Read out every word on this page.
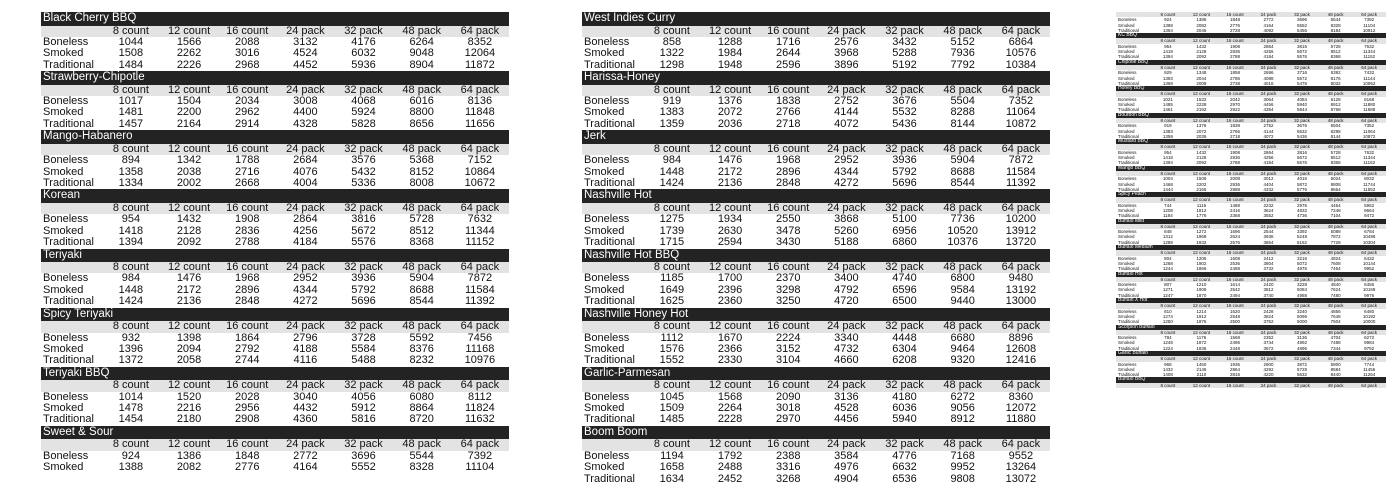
Black Cherry BBQ
	8 count	12 count	16 count	24 pack	32 pack	48 pack	64 pack
Boneless	1044	1566	2088	3132	4176	6264	8352
Smoked	1508	2262	3016	4524	6032	9048	12064
Traditional	1484	2226	2968	4452	5936	8904	11872
Strawberry-Chipotle
	8 count	12 count	16 count	24 pack	32 pack	48 pack	64 pack
Boneless	1017	1504	2034	3008	4068	6016	8136
Smoked	1481	2200	2962	4400	5924	8800	11848
Traditional	1457	2164	2914	4328	5828	8656	11656
Mango-Habanero
	8 count	12 count	16 count	24 pack	32 pack	48 pack	64 pack
Boneless	894	1342	1788	2684	3576	5368	7152
Smoked	1358	2038	2716	4076	5432	8152	10864
Traditional	1334	2002	2668	4004	5336	8008	10672
Korean
	8 count	12 count	16 count	24 pack	32 pack	48 pack	64 pack
Boneless	954	1432	1908	2864	3816	5728	7632
Smoked	1418	2128	2836	4256	5672	8512	11344
Traditional	1394	2092	2788	4184	5576	8368	11152
Teriyaki
	8 count	12 count	16 count	24 pack	32 pack	48 pack	64 pack
Boneless	984	1476	1968	2952	3936	5904	7872
Smoked	1448	2172	2896	4344	5792	8688	11584
Traditional	1424	2136	2848	4272	5696	8544	11392
Spicy Teriyaki
	8 count	12 count	16 count	24 pack	32 pack	48 pack	64 pack
Boneless	932	1398	1864	2796	3728	5592	7456
Smoked	1396	2094	2792	4188	5584	8376	11168
Traditional	1372	2058	2744	4116	5488	8232	10976
Teriyaki BBQ
	8 count	12 count	16 count	24 pack	32 pack	48 pack	64 pack
Boneless	1014	1520	2028	3040	4056	6080	8112
Smoked	1478	2216	2956	4432	5912	8864	11824
Traditional	1454	2180	2908	4360	5816	8720	11632
Sweet & Sour
	8 count	12 count	16 count	24 pack	32 pack	48 pack	64 pack
Boneless	924	1386	1848	2772	3696	5544	7392
Smoked	1388	2082	2776	4164	5552	8328	11104
West Indies Curry
	8 count	12 count	16 count	24 pack	32 pack	48 pack	64 pack
Boneless	858	1288	1716	2576	3432	5152	6864
Smoked	1322	1984	2644	3968	5288	7936	10576
Traditional	1298	1948	2596	3896	5192	7792	10384
Harissa-Honey
	8 count	12 count	16 count	24 pack	32 pack	48 pack	64 pack
Boneless	919	1376	1838	2752	3676	5504	7352
Smoked	1383	2072	2766	4144	5532	8288	11064
Traditional	1359	2036	2718	4072	5436	8144	10872
Jerk
	8 count	12 count	16 count	24 pack	32 pack	48 pack	64 pack
Boneless	984	1476	1968	2952	3936	5904	7872
Smoked	1448	2172	2896	4344	5792	8688	11584
Traditional	1424	2136	2848	4272	5696	8544	11392
Nashville Hot
	8 count	12 count	16 count	24 pack	32 pack	48 pack	64 pack
Boneless	1275	1934	2550	3868	5100	7736	10200
Smoked	1739	2630	3478	5260	6956	10520	13912
Traditional	1715	2594	3430	5188	6860	10376	13720
Nashville Hot BBQ
	8 count	12 count	16 count	24 pack	32 pack	48 pack	64 pack
Boneless	1185	1700	2370	3400	4740	6800	9480
Smoked	1649	2396	3298	4792	6596	9584	13192
Traditional	1625	2360	3250	4720	6500	9440	13000
Nashville Honey Hot
	8 count	12 count	16 count	24 pack	32 pack	48 pack	64 pack
Boneless	1112	1670	2224	3340	4448	6680	8896
Smoked	1576	2366	3152	4732	6304	9464	12608
Traditional	1552	2330	3104	4660	6208	9320	12416
Garlic-Parmesan
	8 count	12 count	16 count	24 pack	32 pack	48 pack	64 pack
Boneless	1045	1568	2090	3136	4180	6272	8360
Smoked	1509	2264	3018	4528	6036	9056	12072
Traditional	1485	2228	2970	4456	5940	8912	11880
Boom Boom
	8 count	12 count	16 count	24 pack	32 pack	48 pack	64 pack
Boneless	1194	1792	2388	3584	4776	7168	9552
Smoked	1658	2488	3316	4976	6632	9952	13264
Traditional	1634	2452	3268	4904	6536	9808	13072
	8 count	12 count	16 count	24 pack	32 pack	48 pack	64 pack
Boneless	924	1386	1848	2772	3696	5544	7392
Smoked	1388	2082	2776	4164	5552	8328	11104
Traditional	1364	2046	2728	4092	5456	8184	10912
KC BBQ
	8 count	12 count	16 count	24 pack	32 pack	48 pack	64 pack
Boneless	954	1432	1908	2864	3816	5728	7632
Smoked	1418	2128	2836	4256	5672	8512	11344
Traditional	1394	2092	2788	4184	5576	8368	11152
Chipotle BBQ
	8 count	12 count	16 count	24 pack	32 pack	48 pack	64 pack
Boneless	929	1348	1858	2696	3716	5392	7432
Smoked	1393	2044	2786	4088	5572	8176	11144
Traditional	1369	2008	2738	4016	5476	8032	10952
Honey BBQ
	8 count	12 count	16 count	24 pack	32 pack	48 pack	64 pack
Boneless	1021	1532	2042	3064	4084	6128	8168
Smoked	1485	2228	2970	4456	5940	8912	11880
Traditional	1461	2192	2922	4384	5844	8768	11688
Bourbon BBQ
	8 count	12 count	16 count	24 pack	32 pack	48 pack	64 pack
Boneless	919	1376	1838	2752	3676	5504	7352
Smoked	1383	2072	2766	4144	5532	8288	11064
Traditional	1359	2036	2718	4072	5436	8144	10872
Mustard BBQ
	8 count	12 count	16 count	24 pack	32 pack	48 pack	64 pack
Boneless	954	1432	1908	2864	3816	5728	7632
Smoked	1418	2128	2836	4256	5672	8512	11344
Traditional	1394	2092	2788	4184	5576	8368	11152
Mango BBQ
	8 count	12 count	16 count	24 pack	32 pack	48 pack	64 pack
Boneless	1004	1506	2008	3012	4016	6024	8032
Smoked	1468	2202	2936	4404	5872	8808	11744
Traditional	1444	2166	2888	4332	5776	8664	11552
Spicy Peach
	8 count	12 count	16 count	24 pack	32 pack	48 pack	64 pack
Boneless	744	1116	1488	2232	2976	4464	5952
Smoked	1208	1812	2416	3624	4832	7248	9664
Traditional	1184	1776	2368	3552	4736	7104	9472
Buffalo Mild
	8 count	12 count	16 count	24 pack	32 pack	48 pack	64 pack
Boneless	848	1272	1696	2544	3392	5088	6784
Smoked	1312	1968	2624	3936	5248	7872	10496
Traditional	1288	1932	2576	3864	5152	7728	10304
Buffalo Medium
	8 count	12 count	16 count	24 pack	32 pack	48 pack	64 pack
Boneless	804	1206	1608	2412	3216	4824	6432
Smoked	1268	1902	2536	3804	5072	7608	10144
Traditional	1244	1866	2488	3732	4976	7464	9952
Buffalo Hot
	8 count	12 count	16 count	24 pack	32 pack	48 pack	64 pack
Boneless	807	1210	1614	2420	3228	4840	6456
Smoked	1271	1906	2542	3812	5084	7624	10168
Traditional	1247	1870	2494	3740	4988	7480	9976
Buffalo X Hot
	8 count	12 count	16 count	24 pack	32 pack	48 pack	64 pack
Boneless	810	1214	1620	2428	3240	4856	6480
Smoked	1274	1912	2548	3824	5096	7648	10192
Traditional	1250	1876	2500	3752	5000	7504	10000
Scorpion Buffalo
	8 count	12 count	16 count	24 pack	32 pack	48 pack	64 pack
Boneless	784	1176	1568	2352	3136	4704	6272
Smoked	1248	1872	2496	3744	4992	7488	9984
Traditional	1224	1836	2448	3672	4896	7344	9792
Garlic Buffalo
	8 count	12 count	16 count	24 pack	32 pack	48 pack	64 pack
Boneless	968	1450	1936	2900	3872	5800	7744
Smoked	1432	2146	2864	4292	5728	8584	11456
Traditional	1408	2110	2816	4220	5632	8440	11264
Buffalo BBQ
	8 count	12 count	16 count	24 pack	32 pack	48 pack	64 pack
